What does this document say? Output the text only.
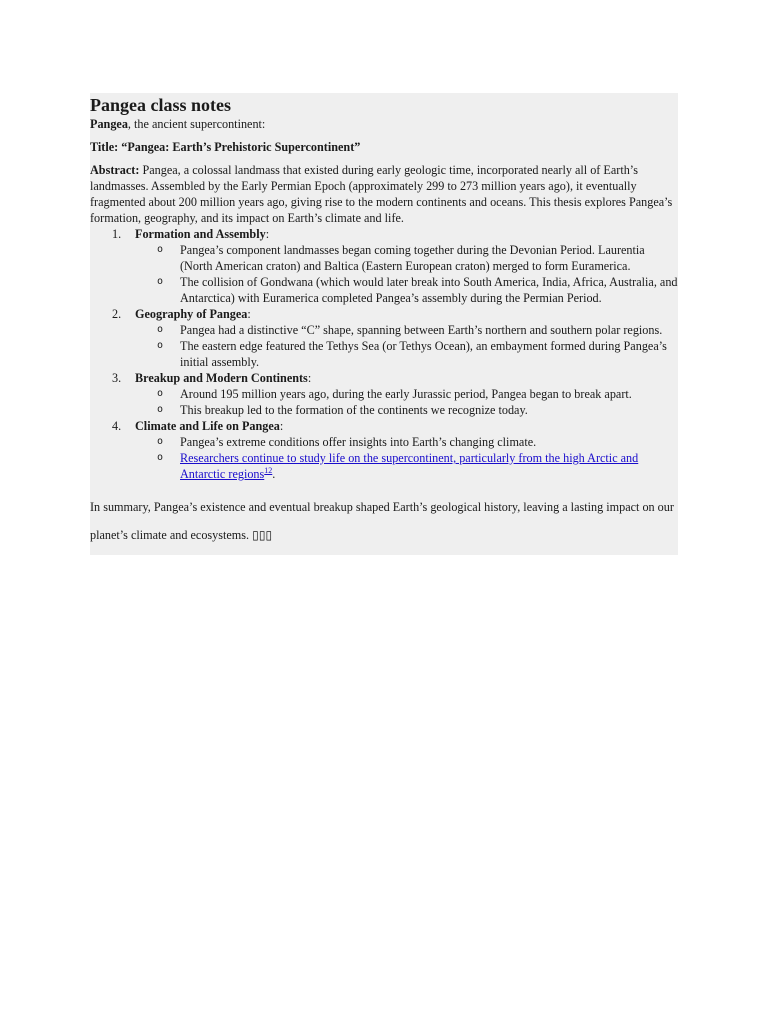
Pangea class notes

Pangea, the ancient supercontinent:

Title: “Pangea: Earth’s Prehistoric Supercontinent”

Abstract: Pangea, a colossal landmass that existed during early geologic time, incorporated nearly all of Earth’s landmasses. Assembled by the Early Permian Epoch (approximately 299 to 273 million years ago), it eventually fragmented about 200 million years ago, giving rise to the modern continents and oceans. This thesis explores Pangea’s formation, geography, and its impact on Earth’s climate and life.

1. Formation and Assembly:
o Pangea’s component landmasses began coming together during the Devonian Period. Laurentia (North American craton) and Baltica (Eastern European craton) merged to form Euramerica.
o The collision of Gondwana (which would later break into South America, India, Africa, Australia, and Antarctica) with Euramerica completed Pangea’s assembly during the Permian Period.
2. Geography of Pangea:
o Pangea had a distinctive “C” shape, spanning between Earth’s northern and southern polar regions.
o The eastern edge featured the Tethys Sea (or Tethys Ocean), an embayment formed during Pangea’s initial assembly.
3. Breakup and Modern Continents:
o Around 195 million years ago, during the early Jurassic period, Pangea began to break apart.
o This breakup led to the formation of the continents we recognize today.
4. Climate and Life on Pangea:
o Pangea’s extreme conditions offer insights into Earth’s changing climate.
o Researchers continue to study life on the supercontinent, particularly from the high Arctic and Antarctic regions$^{12}$.

In summary, Pangea’s existence and eventual breakup shaped Earth’s geological history, leaving a lasting impact on our planet’s climate and ecosystems. ▯▯▯
